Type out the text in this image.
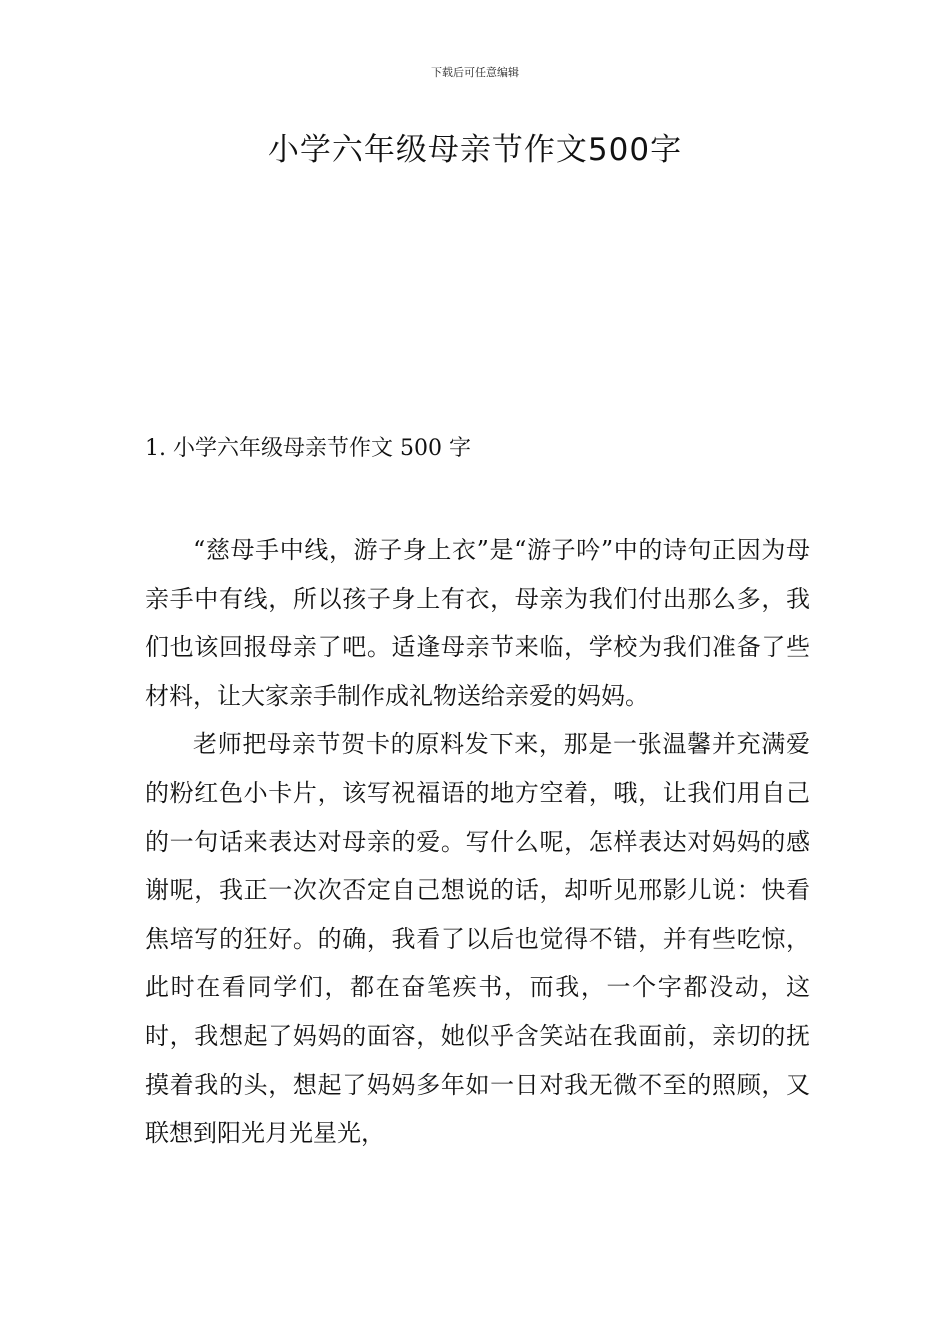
下载后可任意编辑
小学六年级母亲节作文500字
1. 小学六年级母亲节作文 500 字

“慈母手中线，游子身上衣”是“游子吟”中的诗句正因为母亲手中有线，所以孩子身上有衣，母亲为我们付出那么多，我们也该回报母亲了吧。适逢母亲节来临，学校为我们准备了些材料，让大家亲手制作成礼物送给亲爱的妈妈。

老师把母亲节贺卡的原料发下来，那是一张温馨并充满爱的粉红色小卡片，该写祝福语的地方空着，哦，让我们用自己的一句话来表达对母亲的爱。写什么呢，怎样表达对妈妈的感谢呢，我正一次次否定自己想说的话，却听见邢影儿说：快看焦培写的狂好。的确，我看了以后也觉得不错，并有些吃惊，此时在看同学们，都在奋笔疾书，而我，一个字都没动，这时，我想起了妈妈的面容，她似乎含笑站在我面前，亲切的抚摸着我的头，想起了妈妈多年如一日对我无微不至的照顾，又联想到阳光月光星光，
